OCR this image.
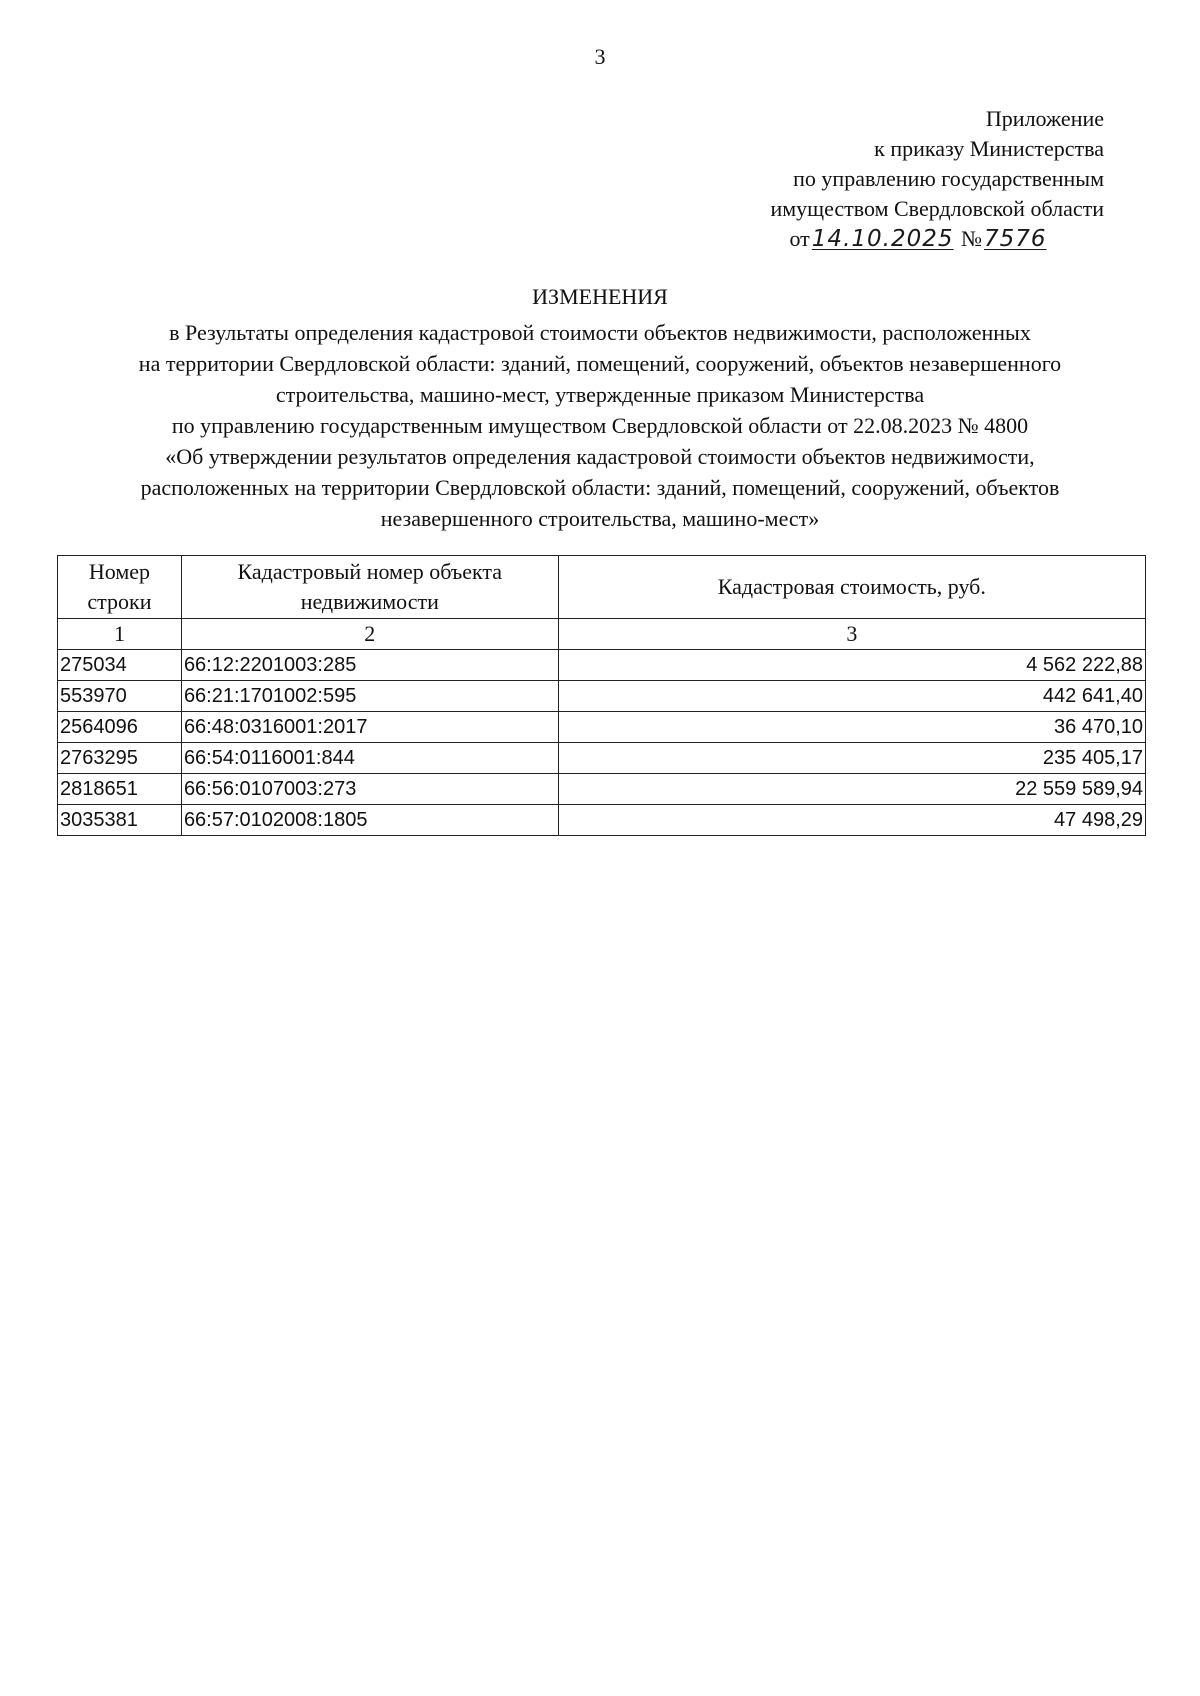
3
Приложение
к приказу Министерства
по управлению государственным
имуществом Свердловской области
от14.10.2025 №7576
ИЗМЕНЕНИЯ
в Результаты определения кадастровой стоимости объектов недвижимости, расположенных
на территории Свердловской области: зданий, помещений, сооружений, объектов незавершенного
строительства, машино-мест, утвержденные приказом Министерства
по управлению государственным имуществом Свердловской области от 22.08.2023 № 4800
«Об утверждении результатов определения кадастровой стоимости объектов недвижимости,
расположенных на территории Свердловской области: зданий, помещений, сооружений, объектов
незавершенного строительства, машино-мест»
Номер строки	Кадастровый номер объекта недвижимости	Кадастровая стоимость, руб.
1	2	3
275034	66:12:2201003:285	4 562 222,88
553970	66:21:1701002:595	442 641,40
2564096	66:48:0316001:2017	36 470,10
2763295	66:54:0116001:844	235 405,17
2818651	66:56:0107003:273	22 559 589,94
3035381	66:57:0102008:1805	47 498,29
